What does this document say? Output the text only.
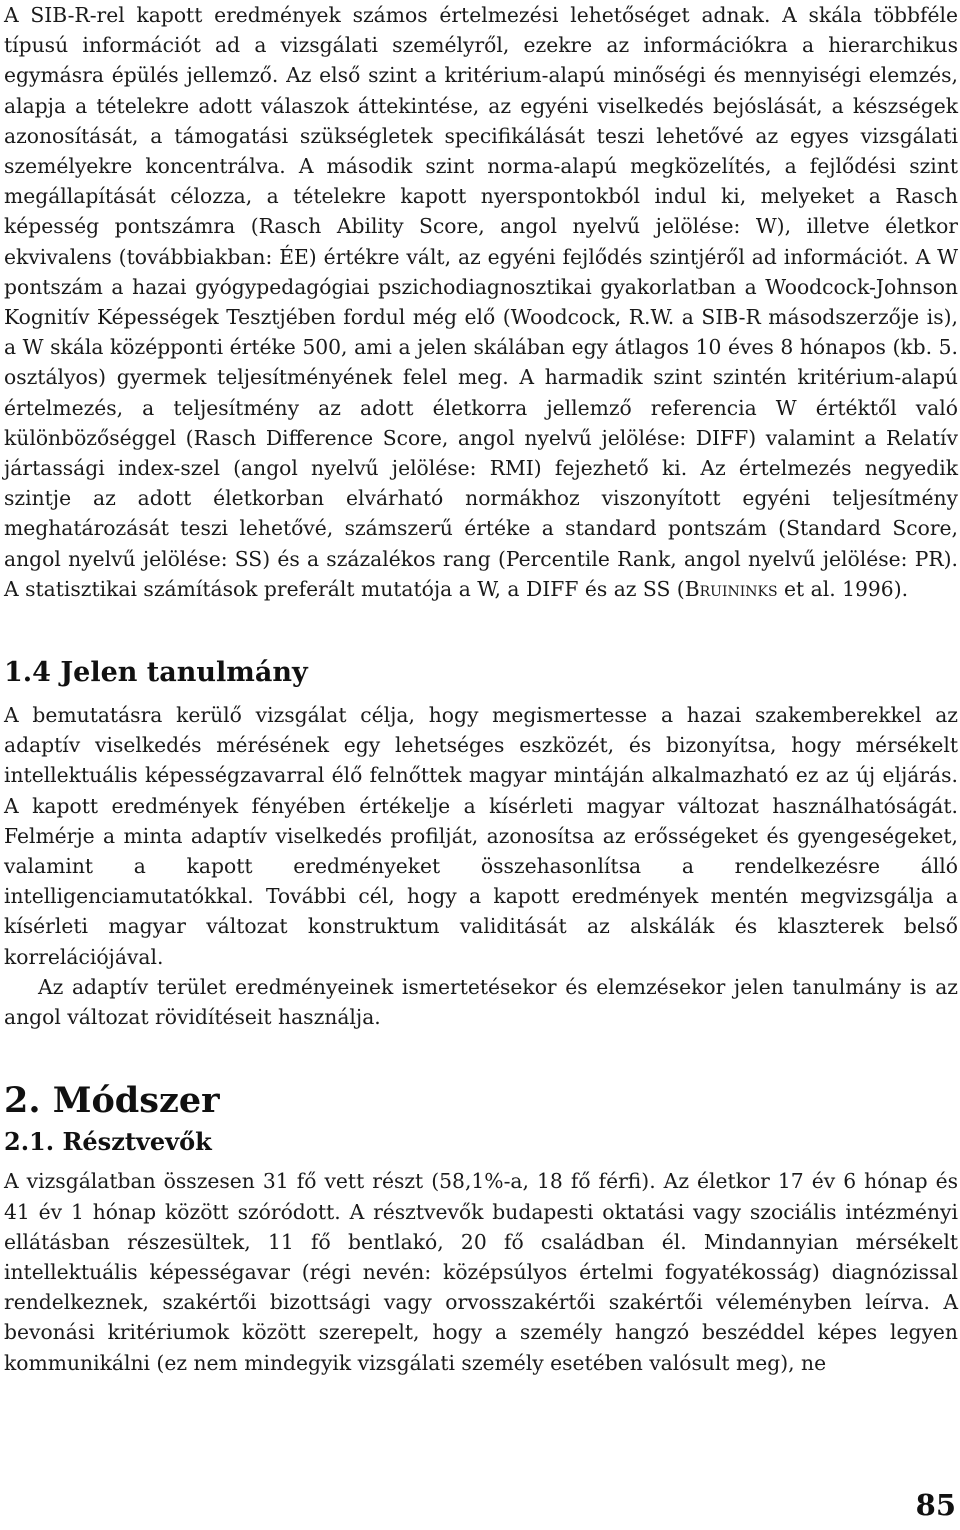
A SIB-R-rel kapott eredmények számos értelmezési lehetőséget adnak. A skála többféle típusú információt ad a vizsgálati személyről, ezekre az információkra a hierarchikus egymásra épülés jellemző. Az első szint a kritérium-alapú minőségi és mennyiségi elemzés, alapja a tételekre adott válaszok áttekintése, az egyéni viselkedés bejóslását, a készségek azonosítását, a támogatási szükségletek specifikálását teszi lehetővé az egyes vizsgálati személyekre koncentrálva. A második szint norma-alapú megközelítés, a fejlődési szint megállapítását célozza, a tételekre kapott nyerspontokból indul ki, melyeket a Rasch képesség pontszámra (Rasch Ability Score, angol nyelvű jelölése: W), illetve életkor ekvivalens (továbbiakban: ÉE) értékre vált, az egyéni fejlődés szintjéről ad információt. A W pontszám a hazai gyógypedagógiai pszichodiagnosztikai gyakorlatban a Woodcock-Johnson Kognitív Képességek Tesztjében fordul még elő (Woodcock, R.W. a SIB-R másodszerzője is), a W skála középponti értéke 500, ami a jelen skálában egy átlagos 10 éves 8 hónapos (kb. 5. osztályos) gyermek teljesítményének felel meg. A harmadik szint szintén kritérium-alapú értelmezés, a teljesítmény az adott életkorra jellemző referencia W értéktől való különbözőséggel (Rasch Difference Score, angol nyelvű jelölése: DIFF) valamint a Relatív jártassági index-szel (angol nyelvű jelölése: RMI) fejezhető ki. Az értelmezés negyedik szintje az adott életkorban elvárható normákhoz viszonyított egyéni teljesítmény meghatározását teszi lehetővé, számszerű értéke a standard pontszám (Standard Score, angol nyelvű jelölése: SS) és a százalékos rang (Percentile Rank, angol nyelvű jelölése: PR). A statisztikai számítások preferált mutatója a W, a DIFF és az SS (Bruininks et al. 1996).

1.4 Jelen tanulmány

A bemutatásra kerülő vizsgálat célja, hogy megismertesse a hazai szakemberekkel az adaptív viselkedés mérésének egy lehetséges eszközét, és bizonyítsa, hogy mérsékelt intellektuális képességzavarral élő felnőttek magyar mintáján alkalmazható ez az új eljárás. A kapott eredmények fényében értékelje a kísérleti magyar változat használhatóságát. Felmérje a minta adaptív viselkedés profilját, azonosítsa az erősségeket és gyengeségeket, valamint a kapott eredményeket összehasonlítsa a rendelkezésre álló intelligenciamutatókkal. További cél, hogy a kapott eredmények mentén megvizsgálja a kísérleti magyar változat konstruktum validitását az alskálák és klaszterek belső korrelációjával.

Az adaptív terület eredményeinek ismertetésekor és elemzésekor jelen tanulmány is az angol változat rövidítéseit használja.

2. Módszer
2.1. Résztvevők

A vizsgálatban összesen 31 fő vett részt (58,1%-a, 18 fő férfi). Az életkor 17 év 6 hónap és 41 év 1 hónap között szóródott. A résztvevők budapesti oktatási vagy szociális intézményi ellátásban részesültek, 11 fő bentlakó, 20 fő családban él. Mindannyian mérsékelt intellektuális képességavar (régi nevén: középsúlyos értelmi fogyatékosság) diagnózissal rendelkeznek, szakértői bizottsági vagy orvosszakértői szakértői véleményben leírva. A bevonási kritériumok között szerepelt, hogy a személy hangzó beszéddel képes legyen kommunikálni (ez nem mindegyik vizsgálati személy esetében valósult meg), ne

85
